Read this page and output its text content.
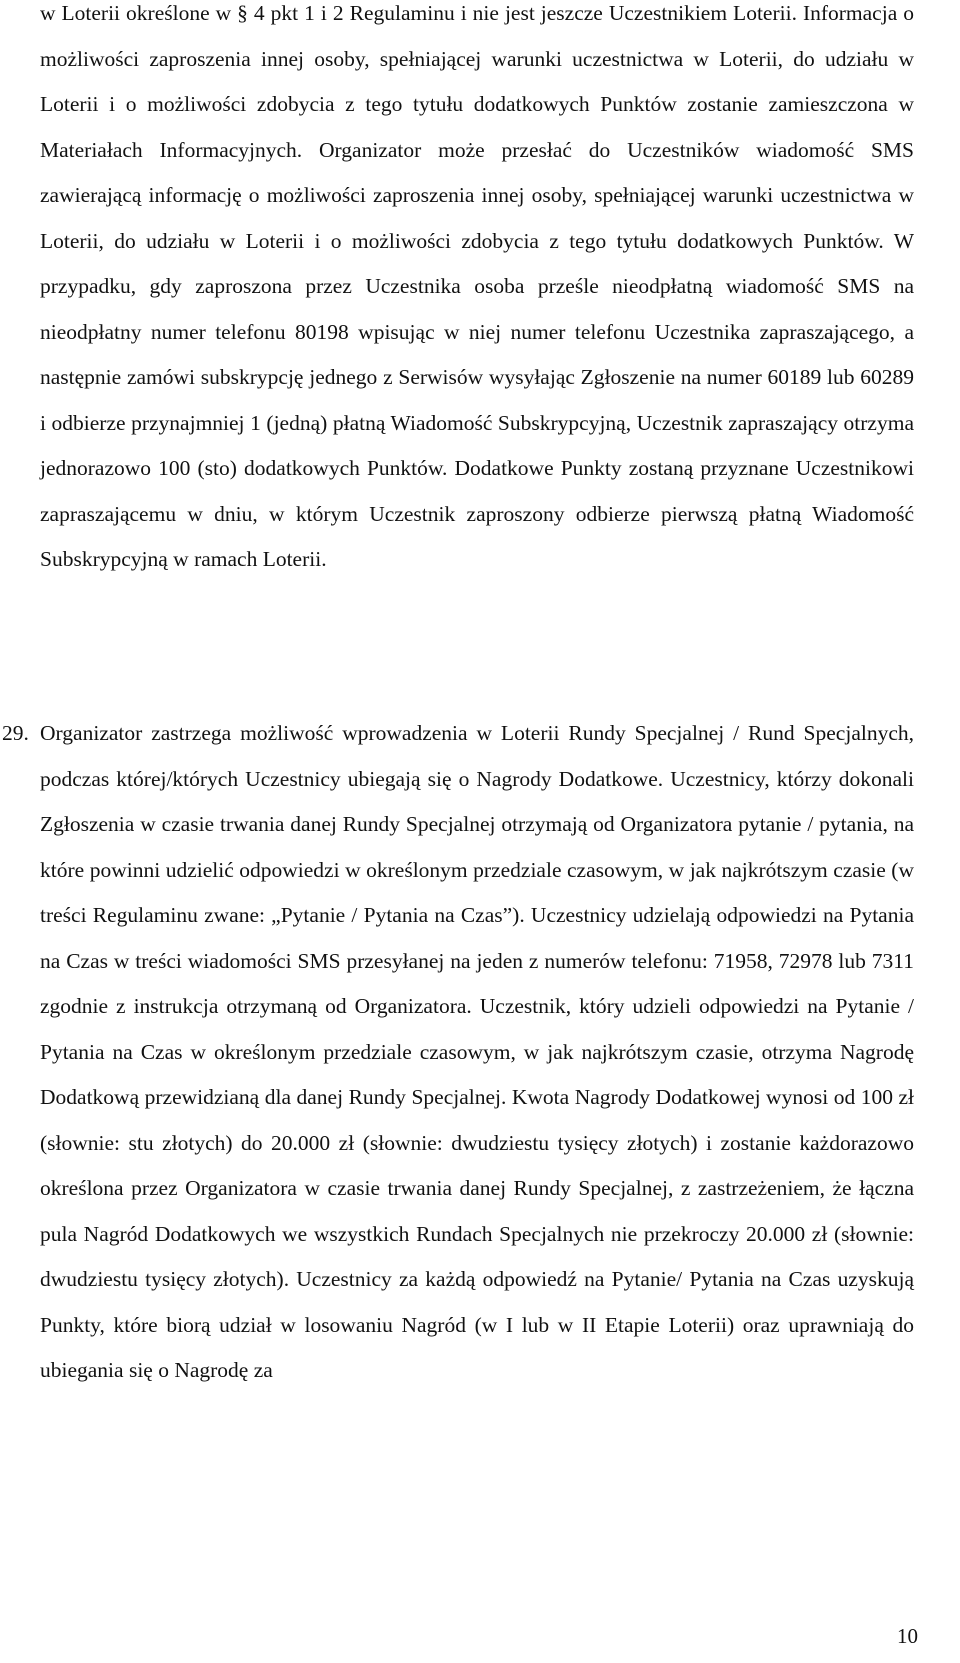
w Loterii określone w § 4 pkt 1 i 2 Regulaminu i nie jest jeszcze Uczestnikiem Loterii. Informacja o możliwości zaproszenia innej osoby, spełniającej warunki uczestnictwa w Loterii, do udziału w Loterii i o możliwości zdobycia z tego tytułu dodatkowych Punktów zostanie zamieszczona w Materiałach Informacyjnych. Organizator może przesłać do Uczestników wiadomość SMS zawierającą informację o możliwości zaproszenia innej osoby, spełniającej warunki uczestnictwa w Loterii, do udziału w Loterii i o możliwości zdobycia z tego tytułu dodatkowych Punktów. W przypadku, gdy zaproszona przez Uczestnika osoba prześle nieodpłatną wiadomość SMS na nieodpłatny numer telefonu 80198 wpisując w niej numer telefonu Uczestnika zapraszającego, a następnie zamówi subskrypcję jednego z Serwisów wysyłając Zgłoszenie na numer 60189 lub 60289 i odbierze przynajmniej 1 (jedną) płatną Wiadomość Subskrypcyjną, Uczestnik zapraszający otrzyma jednorazowo 100 (sto) dodatkowych Punktów. Dodatkowe Punkty zostaną przyznane Uczestnikowi zapraszającemu w dniu, w którym Uczestnik zaproszony odbierze pierwszą płatną Wiadomość Subskrypcyjną w ramach Loterii.

29. Organizator zastrzega możliwość wprowadzenia w Loterii Rundy Specjalnej / Rund Specjalnych, podczas której/których Uczestnicy ubiegają się o Nagrody Dodatkowe. Uczestnicy, którzy dokonali Zgłoszenia w czasie trwania danej Rundy Specjalnej otrzymają od Organizatora pytanie / pytania, na które powinni udzielić odpowiedzi w określonym przedziale czasowym, w jak najkrótszym czasie (w treści Regulaminu zwane: „Pytanie / Pytania na Czas”). Uczestnicy udzielają odpowiedzi na Pytania na Czas w treści wiadomości SMS przesyłanej na jeden z numerów telefonu: 71958, 72978 lub 7311 zgodnie z instrukcja otrzymaną od Organizatora. Uczestnik, który udzieli odpowiedzi na Pytanie / Pytania na Czas w określonym przedziale czasowym, w jak najkrótszym czasie, otrzyma Nagrodę Dodatkową przewidzianą dla danej Rundy Specjalnej. Kwota Nagrody Dodatkowej wynosi od 100 zł (słownie: stu złotych) do 20.000 zł (słownie: dwudziestu tysięcy złotych) i zostanie każdorazowo określona przez Organizatora w czasie trwania danej Rundy Specjalnej, z zastrzeżeniem, że łączna pula Nagród Dodatkowych we wszystkich Rundach Specjalnych nie przekroczy 20.000 zł (słownie: dwudziestu tysięcy złotych). Uczestnicy za każdą odpowiedź na Pytanie/ Pytania na Czas uzyskują Punkty, które biorą udział w losowaniu Nagród (w I lub w II Etapie Loterii) oraz uprawniają do ubiegania się o Nagrodę za
10
